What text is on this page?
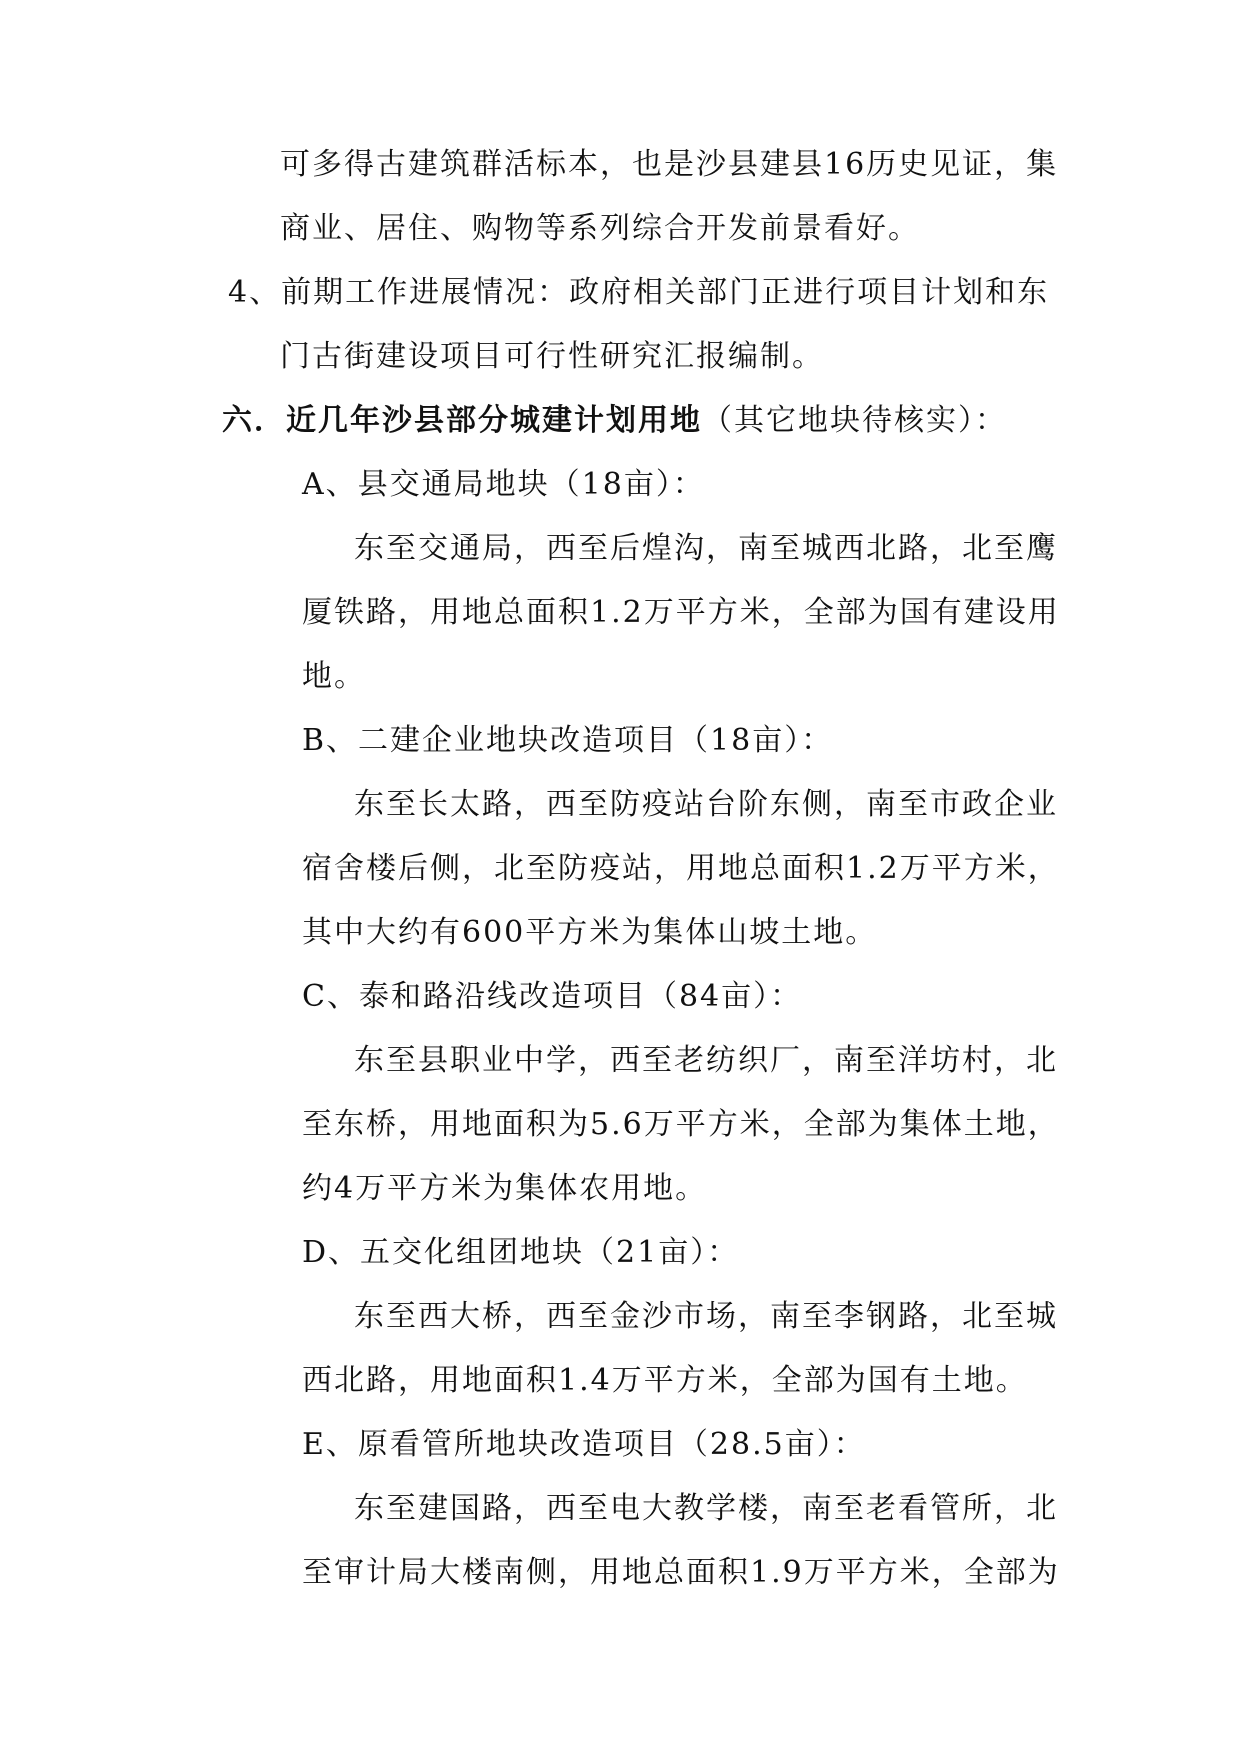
可多得古建筑群活标本，也是沙县建县16历史见证，集
商业、居住、购物等系列综合开发前景看好。
4、前期工作进展情况：政府相关部门正进行项目计划和东
门古街建设项目可行性研究汇报编制。
六．近几年沙县部分城建计划用地（其它地块待核实）：
A、县交通局地块（18亩）：
东至交通局，西至后煌沟，南至城西北路，北至鹰
厦铁路，用地总面积1.2万平方米，全部为国有建设用
地。
B、二建企业地块改造项目（18亩）：
东至长太路，西至防疫站台阶东侧，南至市政企业
宿舍楼后侧，北至防疫站，用地总面积1.2万平方米，
其中大约有600平方米为集体山坡土地。
C、泰和路沿线改造项目（84亩）：
东至县职业中学，西至老纺织厂，南至洋坊村，北
至东桥，用地面积为5.6万平方米，全部为集体土地，
约4万平方米为集体农用地。
D、五交化组团地块（21亩）：
东至西大桥，西至金沙市场，南至李钢路，北至城
西北路，用地面积1.4万平方米，全部为国有土地。
E、原看管所地块改造项目（28.5亩）：
东至建国路，西至电大教学楼，南至老看管所，北
至审计局大楼南侧，用地总面积1.9万平方米，全部为
